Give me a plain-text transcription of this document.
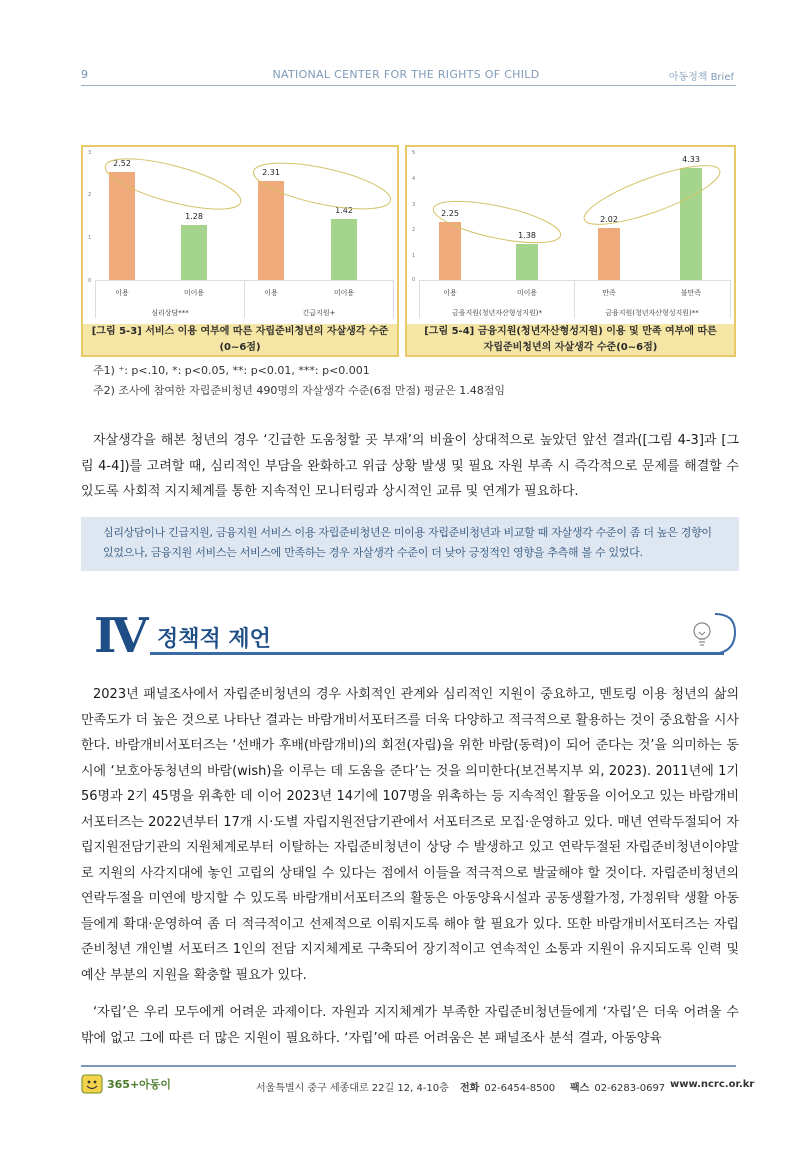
9	NATIONAL CENTER FOR THE RIGHTS OF CHILD	아동정책 Brief
3
2
1
0
2.52
1.28
2.31
1.42
이용	미이용	이용	미이용
심리상담***	긴급지원+
[그림 5-3] 서비스 이용 여부에 따른 자립준비청년의 자살생각 수준(0~6점)
5
4
3
2
1
0
2.25
1.38
2.02
4.33
이용	미이용	만족	불만족
금융지원(청년자산형성지원)*	금융지원(청년자산형성지원)**
[그림 5-4] 금융지원(청년자산형성지원) 이용 및 만족 여부에 따른
자립준비청년의 자살생각 수준(0~6점)
주1) ⁺: p<.10, *: p<0.05, **: p<0.01, ***: p<0.001
주2) 조사에 참여한 자립준비청년 490명의 자살생각 수준(6점 만점) 평균은 1.48점임
자살생각을 해본 청년의 경우 ‘긴급한 도움청할 곳 부재’의 비율이 상대적으로 높았던 앞선 결과([그림 4-3]과 [그림 4-4])를 고려할 때, 심리적인 부담을 완화하고 위급 상황 발생 및 필요 자원 부족 시 즉각적으로 문제를 해결할 수 있도록 사회적 지지체계를 통한 지속적인 모니터링과 상시적인 교류 및 연계가 필요하다.
심리상담이나 긴급지원, 금융지원 서비스 이용 자립준비청년은 미이용 자립준비청년과 비교할 때 자살생각 수준이 좀 더 높은 경향이 있었으나, 금융지원 서비스는 서비스에 만족하는 경우 자살생각 수준이 더 낮아 긍정적인 영향을 추측해 볼 수 있었다.
Ⅳ 정책적 제언
2023년 패널조사에서 자립준비청년의 경우 사회적인 관계와 심리적인 지원이 중요하고, 멘토링 이용 청년의 삶의 만족도가 더 높은 것으로 나타난 결과는 바람개비서포터즈를 더욱 다양하고 적극적으로 활용하는 것이 중요함을 시사한다. 바람개비서포터즈는 ‘선배가 후배(바람개비)의 회전(자립)을 위한 바람(동력)이 되어 준다는 것’을 의미하는 동시에 ‘보호아동청년의 바람(wish)을 이루는 데 도움을 준다’는 것을 의미한다(보건복지부 외, 2023). 2011년에 1기 56명과 2기 45명을 위촉한 데 이어 2023년 14기에 107명을 위촉하는 등 지속적인 활동을 이어오고 있는 바람개비서포터즈는 2022년부터 17개 시·도별 자립지원전담기관에서 서포터즈로 모집·운영하고 있다. 매년 연락두절되어 자립지원전담기관의 지원체계로부터 이탈하는 자립준비청년이 상당 수 발생하고 있고 연락두절된 자립준비청년이야말로 지원의 사각지대에 놓인 고립의 상태일 수 있다는 점에서 이들을 적극적으로 발굴해야 할 것이다. 자립준비청년의 연락두절을 미연에 방지할 수 있도록 바람개비서포터즈의 활동은 아동양육시설과 공동생활가정, 가정위탁 생활 아동들에게 확대·운영하여 좀 더 적극적이고 선제적으로 이뤄지도록 해야 할 필요가 있다. 또한 바람개비서포터즈는 자립준비청년 개인별 서포터즈 1인의 전담 지지체계로 구축되어 장기적이고 연속적인 소통과 지원이 유지되도록 인력 및 예산 부분의 지원을 확충할 필요가 있다.
‘자립’은 우리 모두에게 어려운 과제이다. 자원과 지지체계가 부족한 자립준비청년들에게 ‘자립’은 더욱 어려울 수밖에 없고 그에 따른 더 많은 지원이 필요하다. ‘자립’에 따른 어려움은 본 패널조사 분석 결과, 아동양육
365+아동이	서울특별시 중구 세종대로 22길 12, 4-10층 전화 02-6454-8500 팩스 02-6283-0697 www.ncrc.or.kr
